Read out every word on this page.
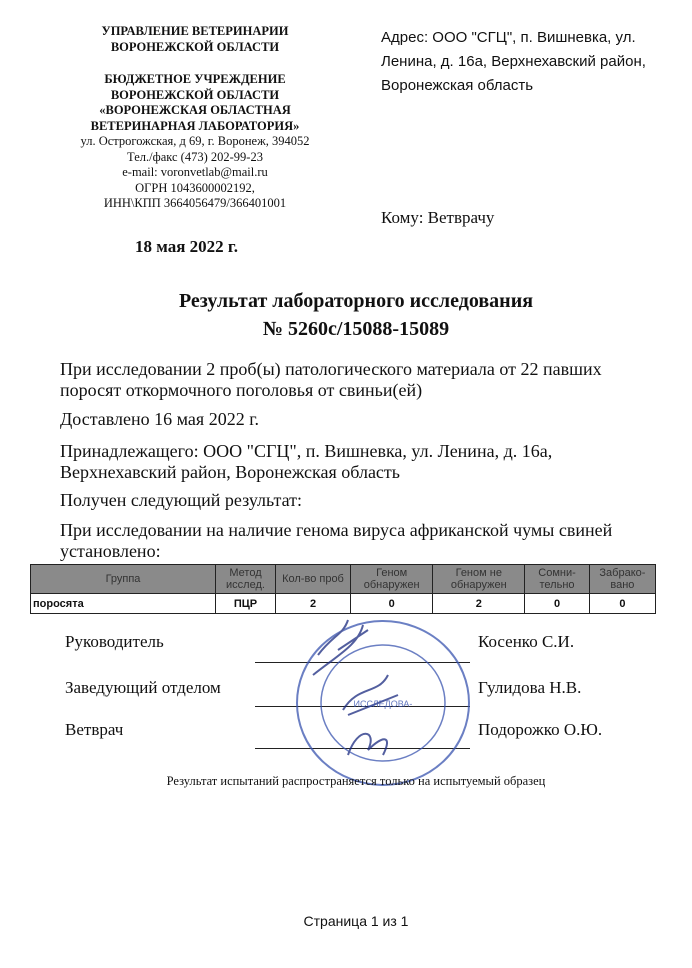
УПРАВЛЕНИЕ ВЕТЕРИНАРИИ
ВОРОНЕЖСКОЙ ОБЛАСТИ
БЮДЖЕТНОЕ УЧРЕЖДЕНИЕ
ВОРОНЕЖСКОЙ ОБЛАСТИ
«ВОРОНЕЖСКАЯ ОБЛАСТНАЯ
ВЕТЕРИНАРНАЯ ЛАБОРАТОРИЯ»
ул. Острогожская, д 69, г. Воронеж, 394052
Тел./факс (473) 202-99-23
e-mail: voronvetlab@mail.ru
ОГРН 1043600002192,
ИНН\КПП 3664056479/366401001
Адрес: ООО "СГЦ", п. Вишневка, ул. Ленина, д. 16а, Верхнехавский район, Воронежская область
Кому: Ветврачу
18 мая 2022 г.
Результат лабораторного исследования
№ 5260с/15088-15089
При исследовании 2 проб(ы) патологического материала от 22 павших поросят откормочного поголовья от свиньи(ей)
Доставлено 16 мая 2022 г.
Принадлежащего: ООО "СГЦ", п. Вишневка, ул. Ленина, д. 16а, Верхнехавский район, Воронежская область
Получен следующий результат:
При исследовании на наличие генома вируса африканской чумы свиней установлено:
Группа	Метод исслед.	Кол-во проб	Геном обнаружен	Геном не обнаружен	Сомни-тельно	Забрако-вано
поросята	ПЦР	2	0	2	0	0
Руководитель	Косенко С.И.
Заведующий отделом	Гулидова Н.В.
Ветврач	Подорожко О.Ю.
ИССЛЕДОВА-
Результат испытаний распространяется только на испытуемый образец
Страница 1 из 1
